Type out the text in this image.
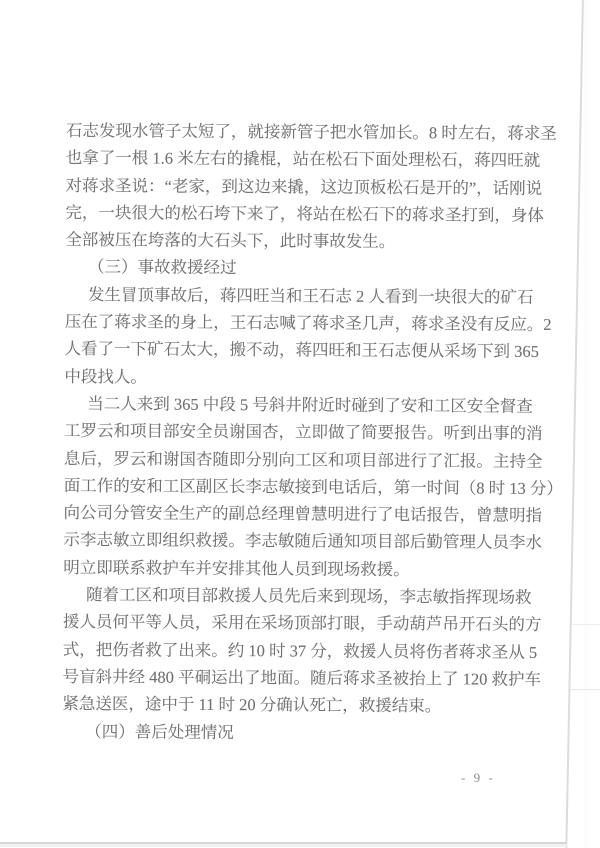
石志发现水管子太短了，就接新管子把水管加长。8 时左右，蒋求圣
也拿了一根 1.6 米左右的撬棍，站在松石下面处理松石，蒋四旺就
对蒋求圣说：“老家，到这边来撬，这边顶板松石是开的”，话刚说
完，一块很大的松石垮下来了，将站在松石下的蒋求圣打到，身体
全部被压在垮落的大石头下，此时事故发生。
（三）事故救援经过
发生冒顶事故后，蒋四旺当和王石志 2 人看到一块很大的矿石
压在了蒋求圣的身上，王石志喊了蒋求圣几声，蒋求圣没有反应。2
人看了一下矿石太大，搬不动，蒋四旺和王石志便从采场下到 365
中段找人。
当二人来到 365 中段 5 号斜井附近时碰到了安和工区安全督查
工罗云和项目部安全员谢国杏，立即做了简要报告。听到出事的消
息后，罗云和谢国杏随即分别向工区和项目部进行了汇报。主持全
面工作的安和工区副区长李志敏接到电话后，第一时间（8 时 13 分）
向公司分管安全生产的副总经理曾慧明进行了电话报告，曾慧明指
示李志敏立即组织救援。李志敏随后通知项目部后勤管理人员李水
明立即联系救护车并安排其他人员到现场救援。
随着工区和项目部救援人员先后来到现场，李志敏指挥现场救
援人员何平等人员，采用在采场顶部打眼，手动葫芦吊开石头的方
式，把伤者救了出来。约 10 时 37 分，救援人员将伤者蒋求圣从 5
号盲斜井经 480 平硐运出了地面。随后蒋求圣被抬上了 120 救护车
紧急送医，途中于 11 时 20 分确认死亡，救援结束。
（四）善后处理情况
- 9 -
